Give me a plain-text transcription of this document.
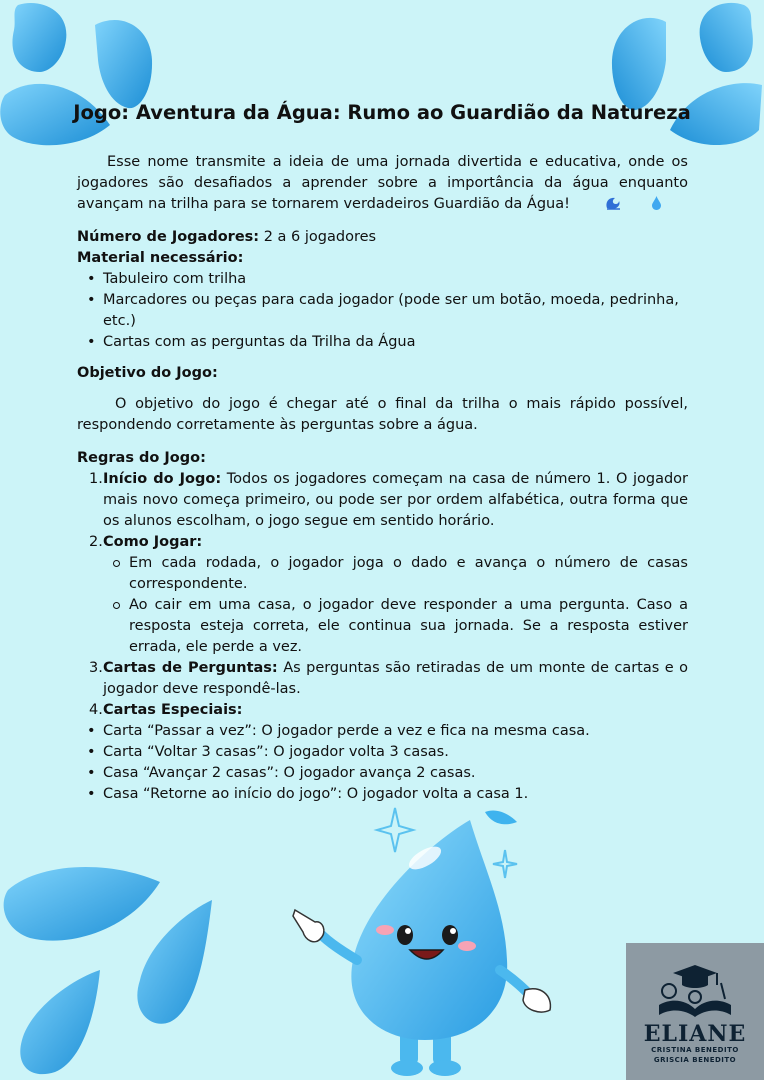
Jogo: Aventura da Água: Rumo ao Guardião da Natureza

Esse nome transmite a ideia de uma jornada divertida e educativa, onde os jogadores são desafiados a aprender sobre a importância da água enquanto avançam na trilha para se tornarem verdadeiros Guardião da Água!

Número de Jogadores: 2 a 6 jogadores

Material necessário:

• Tabuleiro com trilha
• Marcadores ou peças para cada jogador (pode ser um botão, moeda, pedrinha, etc.)
• Cartas com as perguntas da Trilha da Água

Objetivo do Jogo:

O objetivo do jogo é chegar até o final da trilha o mais rápido possível, respondendo corretamente às perguntas sobre a água.

Regras do Jogo:

1. Início do Jogo: Todos os jogadores começam na casa de número 1. O jogador mais novo começa primeiro, ou pode ser por ordem alfabética, outra forma que os alunos escolham, o jogo segue em sentido horário.
2. Como Jogar:
Em cada rodada, o jogador joga o dado e avança o número de casas correspondente.
Ao cair em uma casa, o jogador deve responder a uma pergunta. Caso a resposta esteja correta, ele continua sua jornada. Se a resposta estiver errada, ele perde a vez.
3. Cartas de Perguntas: As perguntas são retiradas de um monte de cartas e o jogador deve respondê-las.
4. Cartas Especiais:
• Carta “Passar a vez”: O jogador perde a vez e fica na mesma casa.
• Carta “Voltar 3 casas”: O jogador volta 3 casas.
• Casa “Avançar 2 casas”: O jogador avança 2 casas.
• Casa “Retorne ao início do jogo”: O jogador volta a casa 1.
ELIANE
CRISTINA BENEDITO
GRISCIA BENEDITO
